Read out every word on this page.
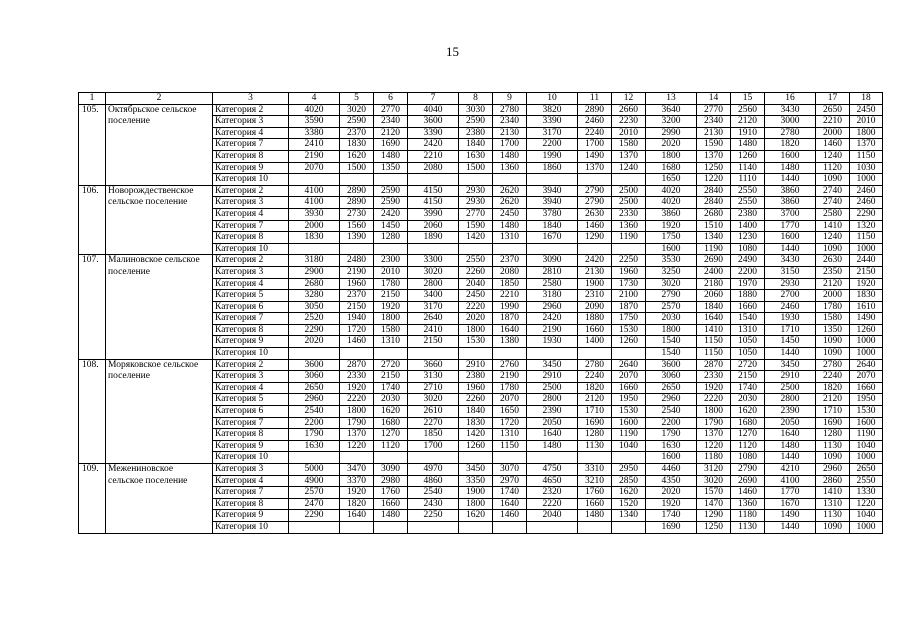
15
1	2	3	4	5	6	7	8	9	10	11	12	13	14	15	16	17	18
105.	Октябрьское сельское поселение	Категория 2	4020	3020	2770	4040	3030	2780	3820	2890	2660	3640	2770	2560	3430	2650	2450
		Категория 3	3590	2590	2340	3600	2590	2340	3390	2460	2230	3200	2340	2120	3000	2210	2010
		Категория 4	3380	2370	2120	3390	2380	2130	3170	2240	2010	2990	2130	1910	2780	2000	1800
		Категория 7	2410	1830	1690	2420	1840	1700	2200	1700	1580	2020	1590	1480	1820	1460	1370
		Категория 8	2190	1620	1480	2210	1630	1480	1990	1490	1370	1800	1370	1260	1600	1240	1150
		Категория 9	2070	1500	1350	2080	1500	1360	1860	1370	1240	1680	1250	1140	1480	1120	1030
		Категория 10										1650	1220	1110	1440	1090	1000
106.	Новорождественское сельское поселение	Категория 2	4100	2890	2590	4150	2930	2620	3940	2790	2500	4020	2840	2550	3860	2740	2460
		Категория 3	4100	2890	2590	4150	2930	2620	3940	2790	2500	4020	2840	2550	3860	2740	2460
		Категория 4	3930	2730	2420	3990	2770	2450	3780	2630	2330	3860	2680	2380	3700	2580	2290
		Категория 7	2000	1560	1450	2060	1590	1480	1840	1460	1360	1920	1510	1400	1770	1410	1320
		Категория 8	1830	1390	1280	1890	1420	1310	1670	1290	1190	1750	1340	1230	1600	1240	1150
		Категория 10										1600	1190	1080	1440	1090	1000
107.	Малиновское сельское поселение	Категория 2	3180	2480	2300	3300	2550	2370	3090	2420	2250	3530	2690	2490	3430	2630	2440
		Категория 3	2900	2190	2010	3020	2260	2080	2810	2130	1960	3250	2400	2200	3150	2350	2150
		Категория 4	2680	1960	1780	2800	2040	1850	2580	1900	1730	3020	2180	1970	2930	2120	1920
		Категория 5	3280	2370	2150	3400	2450	2210	3180	2310	2100	2790	2060	1880	2700	2000	1830
		Категория 6	3050	2150	1920	3170	2220	1990	2960	2090	1870	2570	1840	1660	2460	1780	1610
		Категория 7	2520	1940	1800	2640	2020	1870	2420	1880	1750	2030	1640	1540	1930	1580	1490
		Категория 8	2290	1720	1580	2410	1800	1640	2190	1660	1530	1800	1410	1310	1710	1350	1260
		Категория 9	2020	1460	1310	2150	1530	1380	1930	1400	1260	1540	1150	1050	1450	1090	1000
		Категория 10										1540	1150	1050	1440	1090	1000
108.	Моряковское сельское поселение	Категория 2	3600	2870	2720	3660	2910	2760	3450	2780	2640	3600	2870	2720	3450	2780	2640
		Категория 3	3060	2330	2150	3130	2380	2190	2910	2240	2070	3060	2330	2150	2910	2240	2070
		Категория 4	2650	1920	1740	2710	1960	1780	2500	1820	1660	2650	1920	1740	2500	1820	1660
		Категория 5	2960	2220	2030	3020	2260	2070	2800	2120	1950	2960	2220	2030	2800	2120	1950
		Категория 6	2540	1800	1620	2610	1840	1650	2390	1710	1530	2540	1800	1620	2390	1710	1530
		Категория 7	2200	1790	1680	2270	1830	1720	2050	1690	1600	2200	1790	1680	2050	1690	1600
		Категория 8	1790	1370	1270	1850	1420	1310	1640	1280	1190	1790	1370	1270	1640	1280	1190
		Категория 9	1630	1220	1120	1700	1260	1150	1480	1130	1040	1630	1220	1120	1480	1130	1040
		Категория 10										1600	1180	1080	1440	1090	1000
109.	Межениновское сельское поселение	Категория 3	5000	3470	3090	4970	3450	3070	4750	3310	2950	4460	3120	2790	4210	2960	2650
		Категория 4	4900	3370	2980	4860	3350	2970	4650	3210	2850	4350	3020	2690	4100	2860	2550
		Категория 7	2570	1920	1760	2540	1900	1740	2320	1760	1620	2020	1570	1460	1770	1410	1330
		Категория 8	2470	1820	1660	2430	1800	1640	2220	1660	1520	1920	1470	1360	1670	1310	1220
		Категория 9	2290	1640	1480	2250	1620	1460	2040	1480	1340	1740	1290	1180	1490	1130	1040
		Категория 10										1690	1250	1130	1440	1090	1000
